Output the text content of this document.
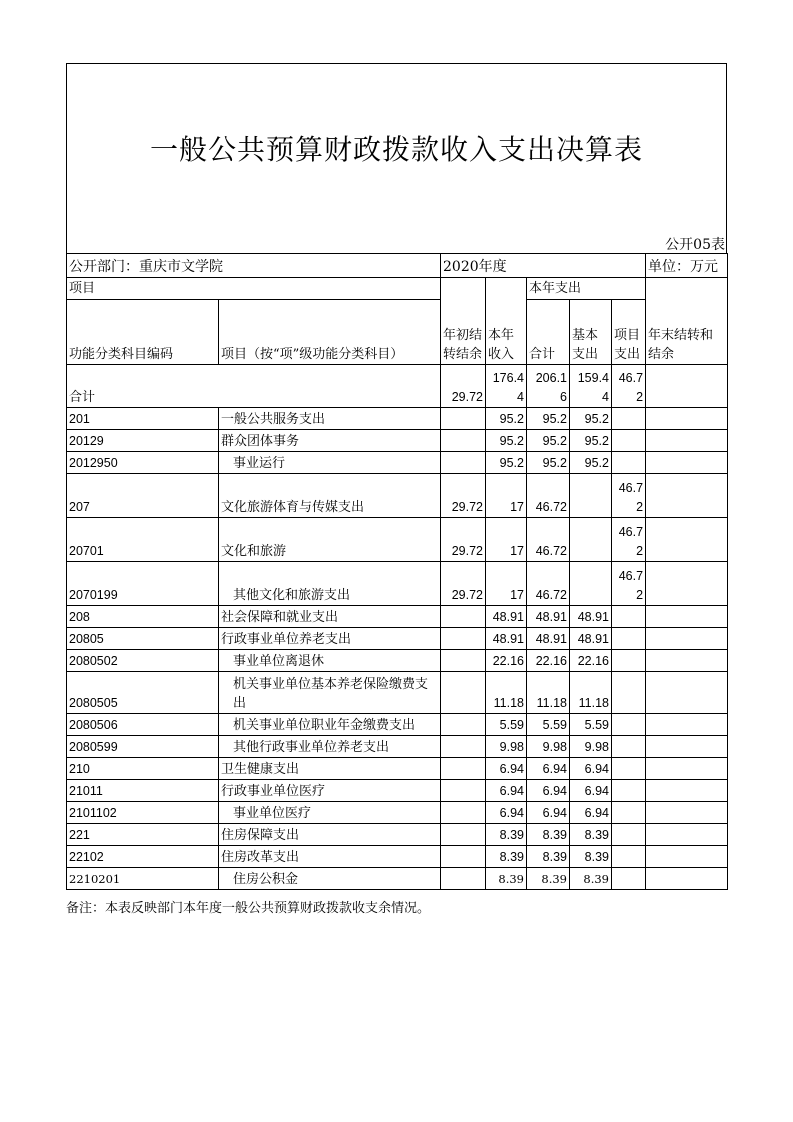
一般公共预算财政拨款收入支出决算表
公开05表
公开部门：重庆市文学院		2020年度					单位：万元
项目		年初结转结余	本年收入	本年支出			年末结转和结余
功能分类科目编码	项目（按“项”级功能分类科目）			合计	基本支出	项目支出	
合计		29.72	176.44	206.16	159.44	46.72	
201	一般公共服务支出		95.2	95.2	95.2		
20129	群众团体事务		95.2	95.2	95.2		
2012950	事业运行		95.2	95.2	95.2		
207	文化旅游体育与传媒支出	29.72	17	46.72		46.72	
20701	文化和旅游	29.72	17	46.72		46.72	
2070199	其他文化和旅游支出	29.72	17	46.72		46.72	
208	社会保障和就业支出		48.91	48.91	48.91		
20805	行政事业单位养老支出		48.91	48.91	48.91		
2080502	事业单位离退休		22.16	22.16	22.16		
2080505	机关事业单位基本养老保险缴费支出		11.18	11.18	11.18		
2080506	机关事业单位职业年金缴费支出		5.59	5.59	5.59		
2080599	其他行政事业单位养老支出		9.98	9.98	9.98		
210	卫生健康支出		6.94	6.94	6.94		
21011	行政事业单位医疗		6.94	6.94	6.94		
2101102	事业单位医疗		6.94	6.94	6.94		
221	住房保障支出		8.39	8.39	8.39		
22102	住房改革支出		8.39	8.39	8.39		
2210201	住房公积金		8.39	8.39	8.39		
备注：本表反映部门本年度一般公共预算财政拨款收支余情况。
